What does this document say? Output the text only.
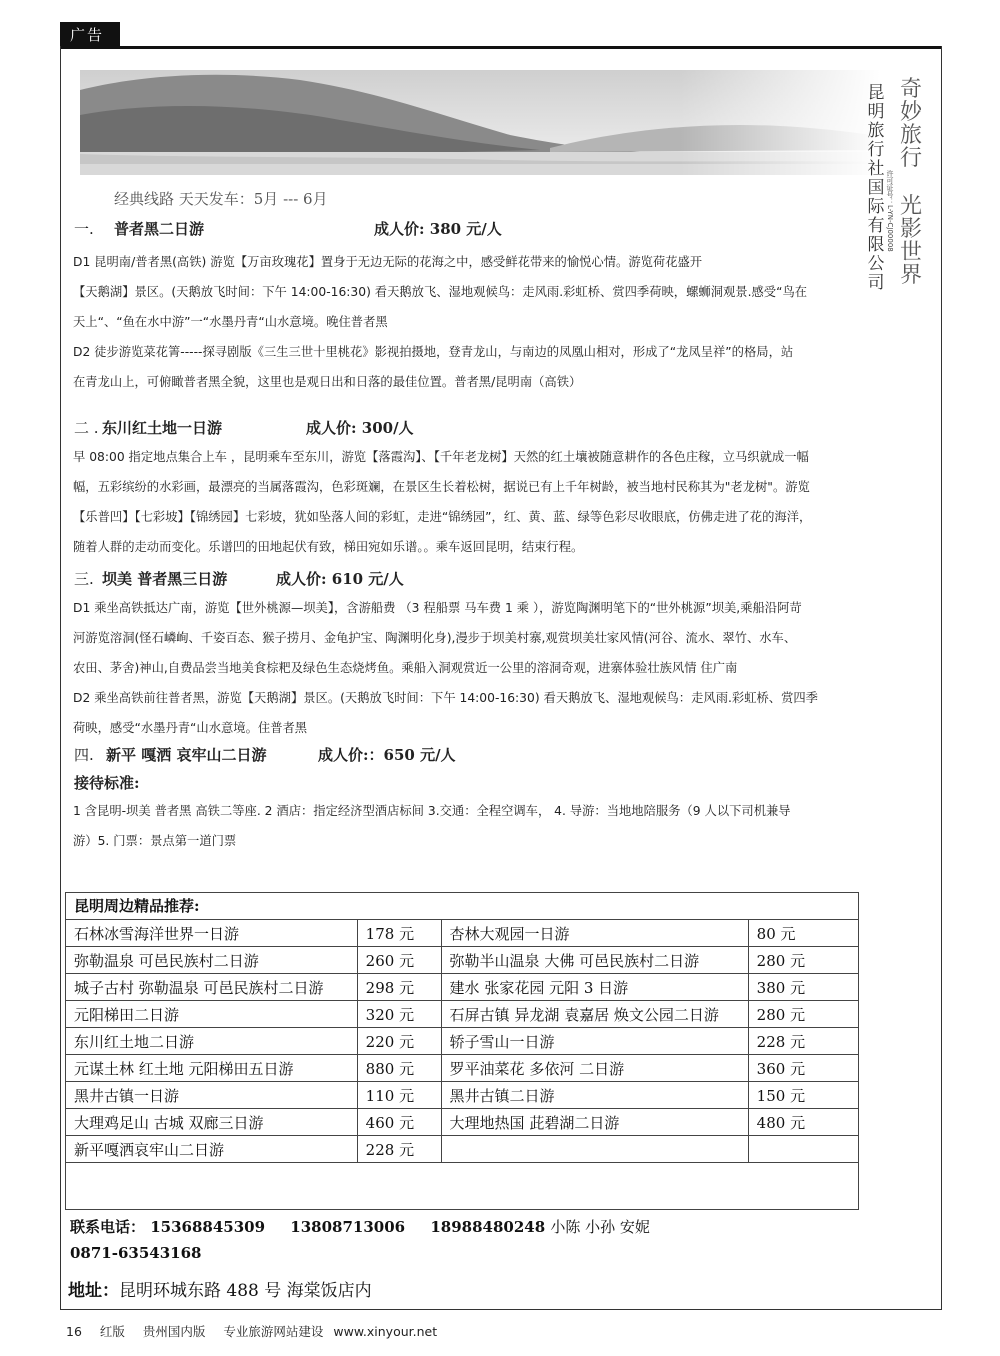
广告
昆明旅行社国际有限公司
许可证号：L-YN-CJ00008
奇妙旅行
光影世界
经典线路 天天发车：5月 --- 6月
一. 普者黑二日游	成人价: 380 元/人

D1 昆明南/普者黑(高铁) 游览【万亩玫瑰花】置身于无边无际的花海之中，感受鲜花带来的愉悦心情。游览荷花盛开

【天鹅湖】景区。(天鹅放飞时间：下午 14:00-16:30) 看天鹅放飞、湿地观候鸟：走风雨.彩虹桥、赏四季荷映，螺蛳洞观景.感受“鸟在

天上“、“鱼在水中游”一“水墨丹青“山水意境。晚住普者黑

D2 徒步游览菜花箐-----探寻剧版《三生三世十里桃花》影视拍摄地，登青龙山，与南边的凤凰山相对，形成了“龙凤呈祥”的格局，站

在青龙山上，可俯瞰普者黑全貌，这里也是观日出和日落的最佳位置。普者黑/昆明南（高铁）

二 . 东川红土地一日游	成人价: 300/人

早 08:00 指定地点集合上车 ，昆明乘车至东川，游览【落霞沟】、【千年老龙树】天然的红土壤被随意耕作的各色庄稼，立马织就成一幅

幅，五彩缤纷的水彩画，最漂亮的当属落霞沟，色彩斑斓，在景区生长着松树，据说已有上千年树龄，被当地村民称其为"老龙树"。游览

【乐普凹】【七彩坡】【锦绣园】七彩坡，犹如坠落人间的彩虹，走进“锦绣园”，红、黄、蓝、绿等色彩尽收眼底，仿佛走进了花的海洋，

随着人群的走动而变化。乐谱凹的田地起伏有致，梯田宛如乐谱。。乘车返回昆明，结束行程。

三. 坝美 普者黑三日游	成人价: 610 元/人

D1 乘坐高铁抵达广南，游览【世外桃源—坝美】，含游船费 （3 程船票 马车费 1 乘 ），游览陶渊明笔下的“世外桃源”坝美,乘船沿阿苛

河游览溶洞(怪石嶙峋、千姿百态、猴子捞月、金龟护宝、陶渊明化身),漫步于坝美村寨,观赏坝美壮家风情(河谷、流水、翠竹、水车、

农田、茅舍)神山,自费品尝当地美食棕粑及绿色生态烧烤鱼。乘船入洞观赏近一公里的溶洞奇观，进寨体验壮族风情 住广南

D2 乘坐高铁前往普者黑，游览【天鹅湖】景区。(天鹅放飞时间：下午 14:00-16:30) 看天鹅放飞、湿地观候鸟：走风雨.彩虹桥、赏四季

荷映，感受“水墨丹青“山水意境。住普者黑

四. 新平 嘎洒 哀牢山二日游	成人价:：650 元/人
接待标准:

1 含昆明-坝美 普者黑 高铁二等座. 2 酒店：指定经济型酒店标间 3.交通：全程空调车， 4. 导游：当地地陪服务（9 人以下司机兼导

游）5. 门票：景点第一道门票

昆明周边精品推荐:
石林冰雪海洋世界一日游	178 元	杏林大观园一日游	80 元
弥勒温泉 可邑民族村二日游	260 元	弥勒半山温泉 大佛 可邑民族村二日游	280 元
城子古村 弥勒温泉 可邑民族村二日游	298 元	建水 张家花园 元阳 3 日游	380 元
元阳梯田二日游	320 元	石屏古镇 异龙湖 袁嘉居 焕文公园二日游	280 元
东川红土地二日游	220 元	轿子雪山一日游	228 元
元谋土林 红土地 元阳梯田五日游	880 元	罗平油菜花 多依河 二日游	360 元
黑井古镇一日游	110 元	黑井古镇二日游	150 元
大理鸡足山 古城 双廊三日游	460 元	大理地热国 茈碧湖二日游	480 元
新平嘎洒哀牢山二日游	228 元		
联系电话： 15368845309 13808713006 18988480248 小陈 小孙 安妮
0871-63543168
地址：昆明环城东路 488 号 海棠饭店内
16 红版 贵州国内版 专业旅游网站建设 www.xinyour.net
